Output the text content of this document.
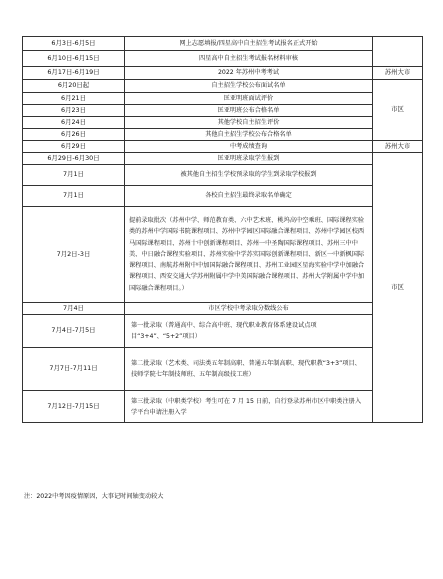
6月3日-6月5日	网上志愿填报/四星高中自主招生考试报名正式开始	
6月10日-6月15日	四星高中自主招生考试报名材料审核	
6月17日-6月19日	2022 年苏州中考考试	苏州大市
6月20日起	自主招生学校公布面试名单	市区
6月21日	匡亚明班面试评价	
6月23日	匡亚明班公布合格名单	
6月24日	其他学校自主招生评价	
6月26日	其他自主招生学校公布合格名单	
6月29日	中考成绩查询	苏州大市
6月29日-6月30日	匡亚明班录取学生报到	市区
7月1日	被其他自主招生学校预录取的学生到录取学校报到	
7月1日	各校自主招生最终录取名单确定	
7月2日-3日	提前录取批次（苏州中学、师范教育类、六中艺术班、桃坞高中空乘班、国际课程实验类的苏州中学国际书院课程项目、苏州中学园区国际融合课程项目、苏州中学园区校西马国际课程项目、苏州十中创新课程项目、苏州一中圣陶国际课程项目、苏州三中中美、中日融合课程实验项目、苏州实验中学苏实国际创新课程项目、新区一中新枫国际课程项目、南航苏州附中中加国际融合课程项目、苏州工业园区星海实验中学中加融合课程项目、西安交通大学苏州附属中学中美国际融合课程项目、苏州大学附属中学中加国际融合课程项目。）	
7月4日	市区学校中考录取分数线公布	
7月4日-7月5日	第一批录取（普通高中、综合高中班、现代职业教育体系建设试点项目“3+4”、“5+2”项目）	
7月7日-7月11日	第二批录取（艺术类、司法类五年制高职、普通五年制高职、现代职教“3+3”项目、技师学院七年制技师班、五年制高级技工班）	
7月12日-7月15日	第三批录取（中职类学校）考生可在 7 月 15 日前，自行登录苏州市区中职类注册入学平台申请注册入学	
注：2022中考因疫情原因，大事记时间轴变动较大
